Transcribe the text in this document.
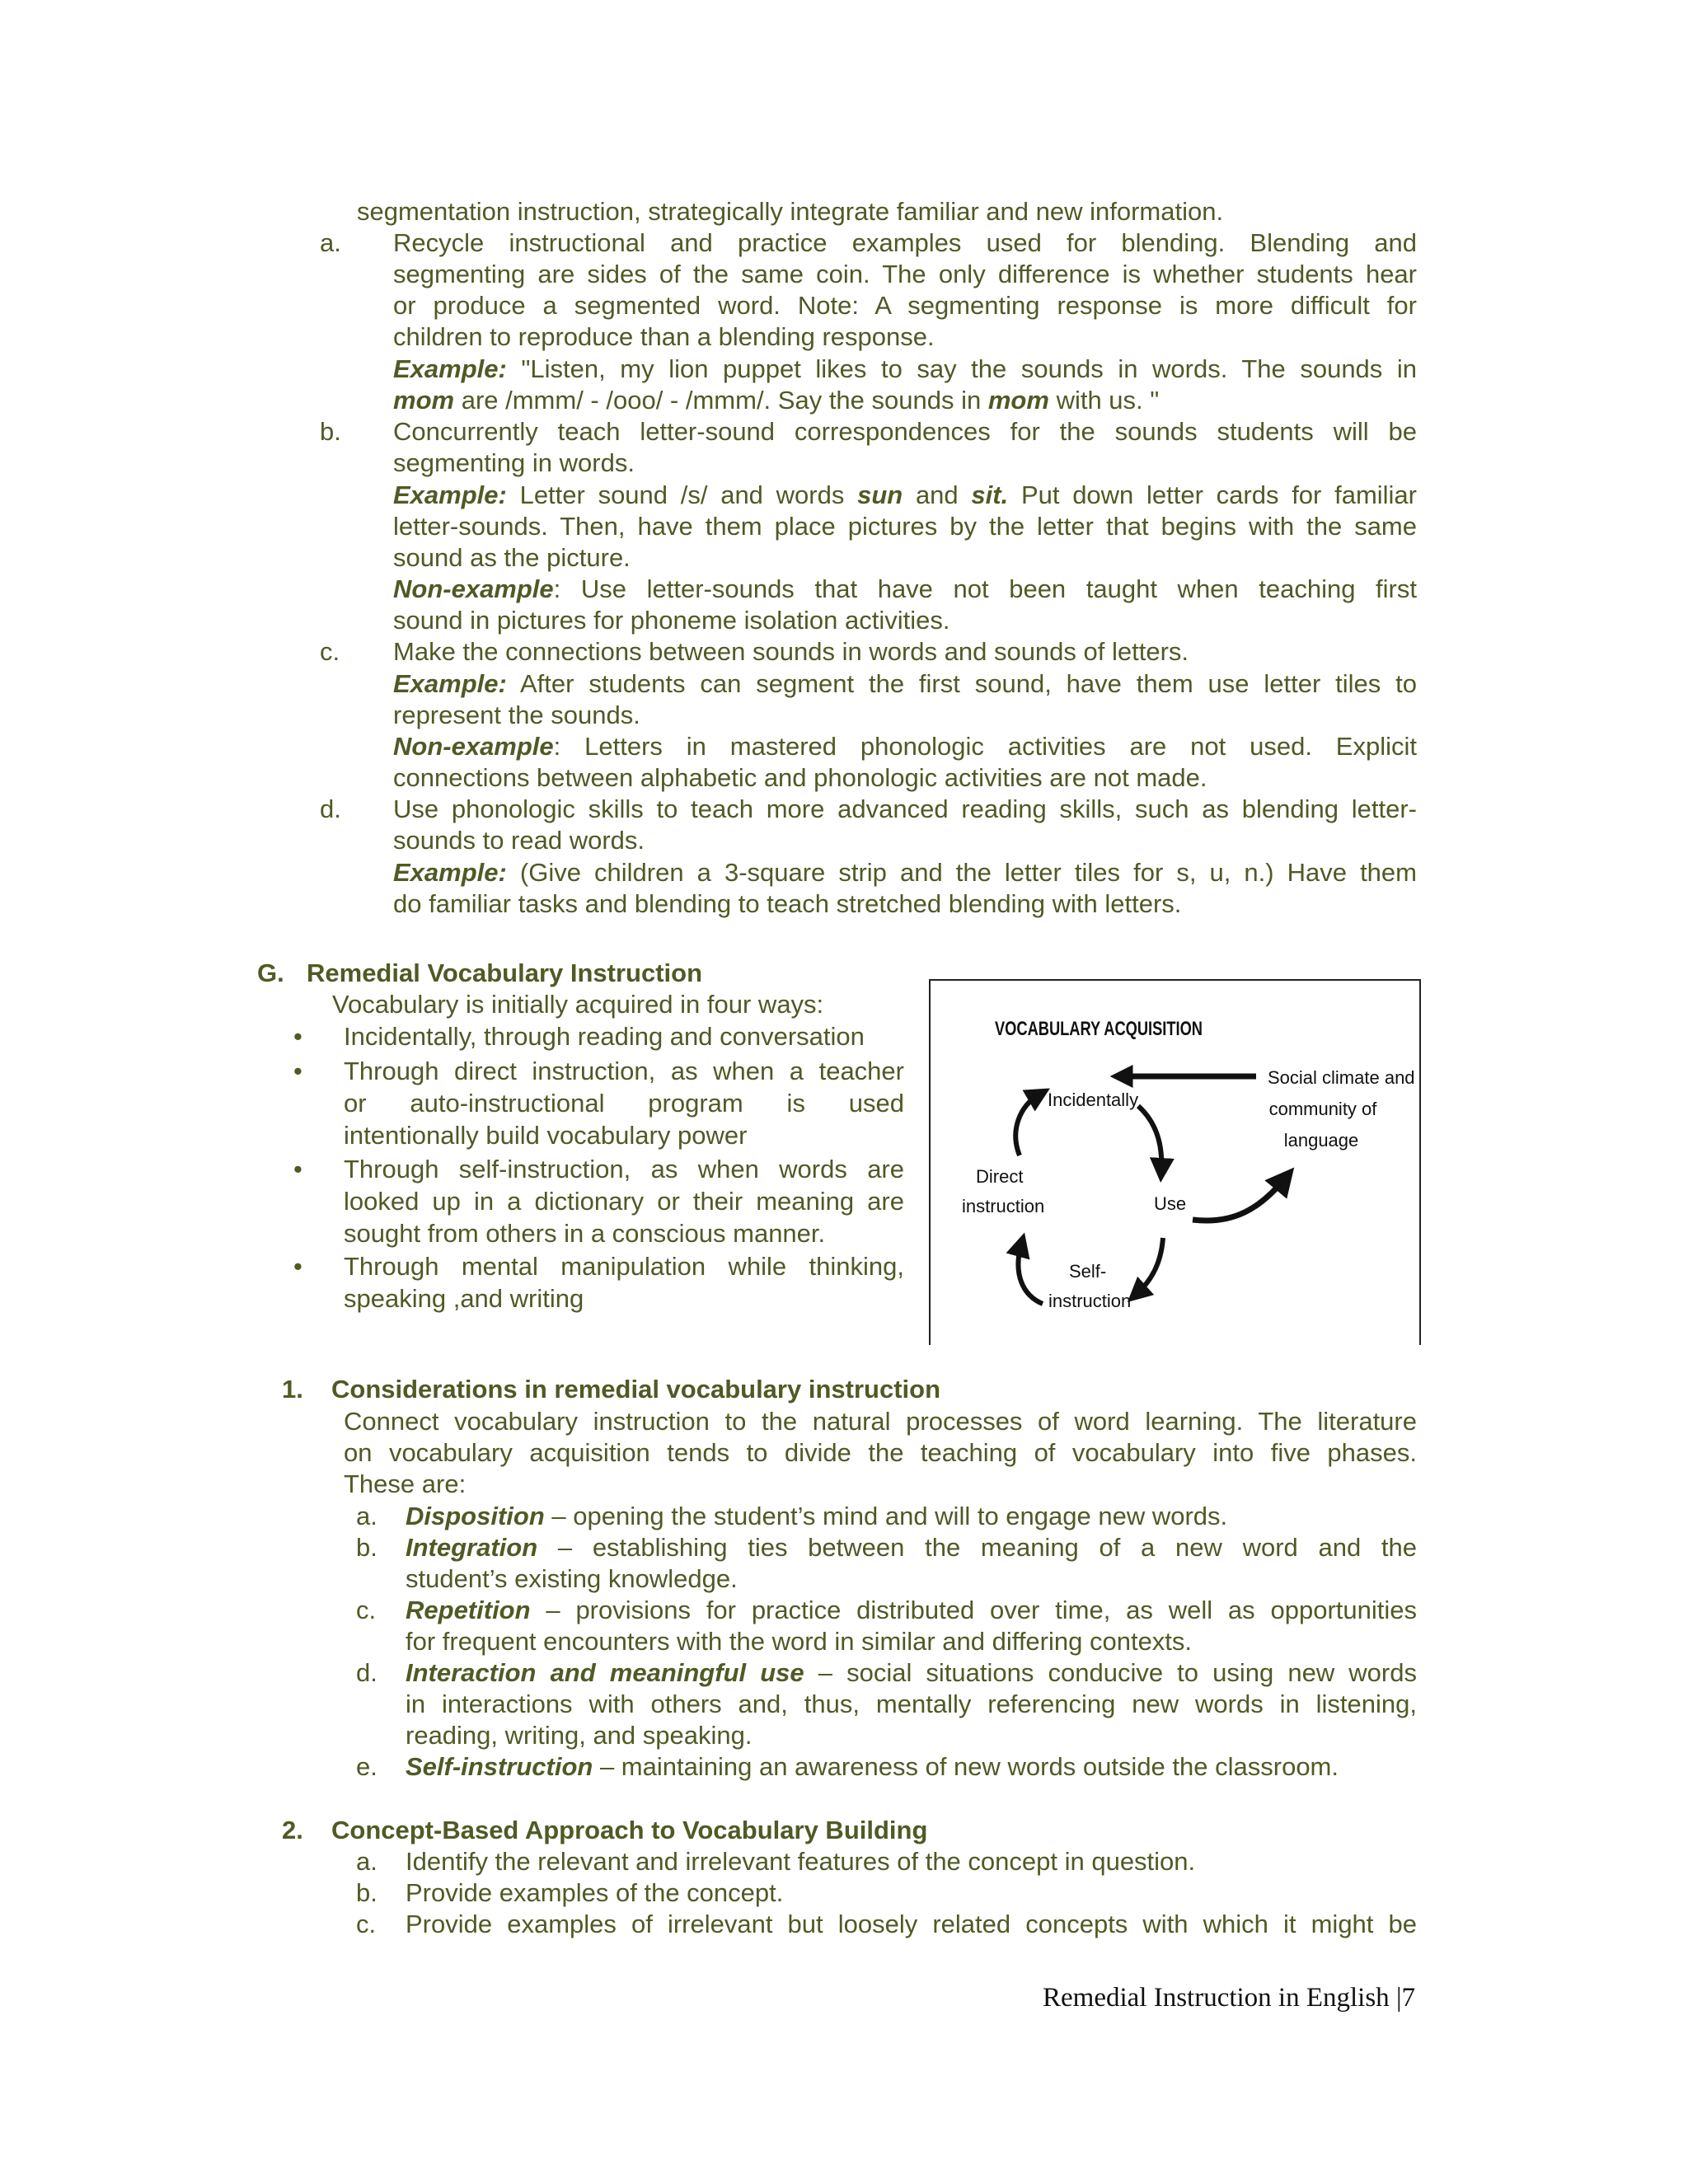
segmentation instruction, strategically integrate familiar and new information.
a. Recycle instructional and practice examples used for blending. Blending and
segmenting are sides of the same coin. The only difference is whether students hear
or produce a segmented word. Note: A segmenting response is more difficult for
children to reproduce than a blending response.
Example: "Listen, my lion puppet likes to say the sounds in words. The sounds in
mom are /mmm/ - /ooo/ - /mmm/. Say the sounds in mom with us. "
b. Concurrently teach letter-sound correspondences for the sounds students will be
segmenting in words.
Example: Letter sound /s/ and words sun and sit. Put down letter cards for familiar
letter-sounds. Then, have them place pictures by the letter that begins with the same
sound as the picture.
Non-example: Use letter-sounds that have not been taught when teaching first
sound in pictures for phoneme isolation activities.
c. Make the connections between sounds in words and sounds of letters.
Example: After students can segment the first sound, have them use letter tiles to
represent the sounds.
Non-example: Letters in mastered phonologic activities are not used. Explicit
connections between alphabetic and phonologic activities are not made.
d. Use phonologic skills to teach more advanced reading skills, such as blending letter-
sounds to read words.
Example: (Give children a 3-square strip and the letter tiles for s, u, n.) Have them
do familiar tasks and blending to teach stretched blending with letters.
G. Remedial Vocabulary Instruction
Vocabulary is initially acquired in four ways:
• Incidentally, through reading and conversation
• Through direct instruction, as when a teacher
or auto-instructional program is used
intentionally build vocabulary power
• Through self-instruction, as when words are
looked up in a dictionary or their meaning are
sought from others in a conscious manner.
• Through mental manipulation while thinking,
speaking ,and writing
VOCABULARY ACQUISITION
Social climate and
community of
language
Incidentally
Direct
instruction	Use
Self-
instruction
1. Considerations in remedial vocabulary instruction
Connect vocabulary instruction to the natural processes of word learning. The literature
on vocabulary acquisition tends to divide the teaching of vocabulary into five phases.
These are:
a. Disposition – opening the student’s mind and will to engage new words.
b. Integration – establishing ties between the meaning of a new word and the
student’s existing knowledge.
c. Repetition – provisions for practice distributed over time, as well as opportunities
for frequent encounters with the word in similar and differing contexts.
d. Interaction and meaningful use – social situations conducive to using new words
in interactions with others and, thus, mentally referencing new words in listening,
reading, writing, and speaking.
e. Self-instruction – maintaining an awareness of new words outside the classroom.
2. Concept-Based Approach to Vocabulary Building
a. Identify the relevant and irrelevant features of the concept in question.
b. Provide examples of the concept.
c. Provide examples of irrelevant but loosely related concepts with which it might be
Remedial Instruction in English |7
